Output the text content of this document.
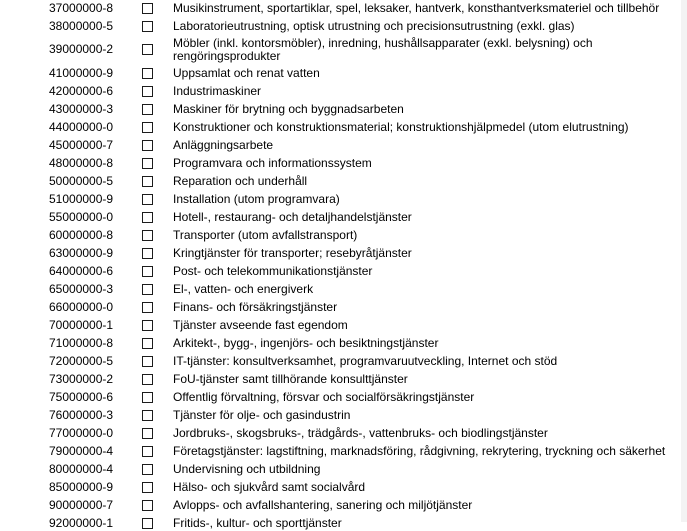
37000000-8	Musikinstrument, sportartiklar, spel, leksaker, hantverk, konsthantverksmateriel och tillbehör
38000000-5	Laboratorieutrustning, optisk utrustning och precisionsutrustning (exkl. glas)
39000000-2	Möbler (inkl. kontorsmöbler), inredning, hushållsapparater (exkl. belysning) och rengöringsprodukter
41000000-9	Uppsamlat och renat vatten
42000000-6	Industrimaskiner
43000000-3	Maskiner för brytning och byggnadsarbeten
44000000-0	Konstruktioner och konstruktionsmaterial; konstruktionshjälpmedel (utom elutrustning)
45000000-7	Anläggningsarbete
48000000-8	Programvara och informationssystem
50000000-5	Reparation och underhåll
51000000-9	Installation (utom programvara)
55000000-0	Hotell-, restaurang- och detaljhandelstjänster
60000000-8	Transporter (utom avfallstransport)
63000000-9	Kringtjänster för transporter; resebyråtjänster
64000000-6	Post- och telekommunikationstjänster
65000000-3	El-, vatten- och energiverk
66000000-0	Finans- och försäkringstjänster
70000000-1	Tjänster avseende fast egendom
71000000-8	Arkitekt-, bygg-, ingenjörs- och besiktningstjänster
72000000-5	IT-tjänster: konsultverksamhet, programvaruutveckling, Internet och stöd
73000000-2	FoU-tjänster samt tillhörande konsulttjänster
75000000-6	Offentlig förvaltning, försvar och socialförsäkringstjänster
76000000-3	Tjänster för olje- och gasindustrin
77000000-0	Jordbruks-, skogsbruks-, trädgårds-, vattenbruks- och biodlingstjänster
79000000-4	Företagstjänster: lagstiftning, marknadsföring, rådgivning, rekrytering, tryckning och säkerhet
80000000-4	Undervisning och utbildning
85000000-9	Hälso- och sjukvård samt socialvård
90000000-7	Avlopps- och avfallshantering, sanering och miljötjänster
92000000-1	Fritids-, kultur- och sporttjänster
